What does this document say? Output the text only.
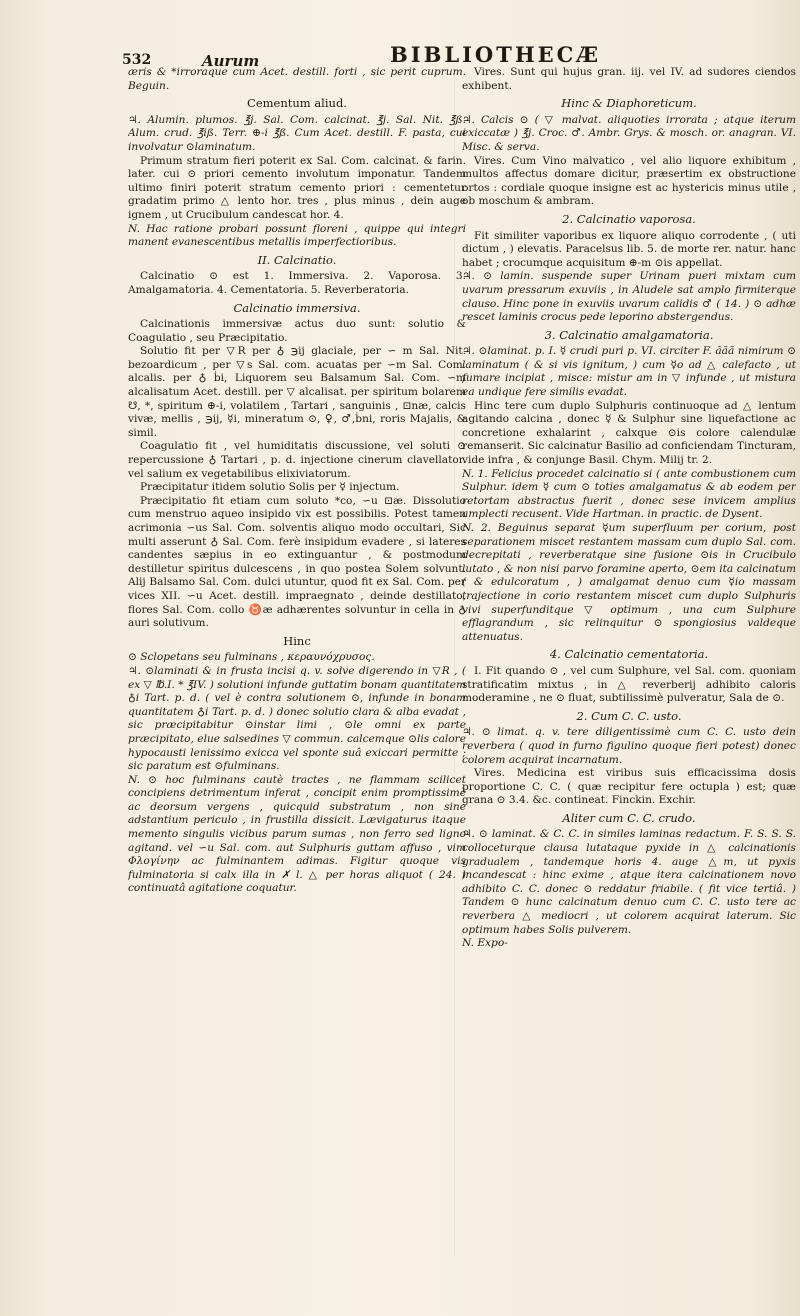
532	Aurum	BIBLIOTHECÆ

æris & *irroraque cum Acet. destill. forti , sic perit cuprum. Beguin.

Cementum aliud.

♃. Alumin. plumos. ℥j. Sal. Com. calcinat. ℥j. Sal. Nit. ℥ß. Alum. crud. ℥iß. Terr. ⊕-i ℥ß. Cum Acet. destill. F. pasta, cui involvatur ⊙laminatum.

Primum stratum fieri poterit ex Sal. Com. calcinat. & farin. later. cui ⊙ priori cemento involutum imponatur. Tandem ultimo finiri poterit stratum cemento priori : cementetur gradatim primo △ lento hor. tres , plus minus , dein auge ignem , ut Crucibulum candescat hor. 4.

N. Hac ratione probari possunt floreni , quippe qui integri manent evanescentibus metallis imperfectioribus.

II. Calcinatio.

Calcinatio ⊙ est 1. Immersiva. 2. Vaporosa. 3. Amalgamatoria. 4. Cementatoria. 5. Reverberatoria.

Calcinatio immersiva.

Calcinationis immersivæ actus duo sunt: solutio & Coagulatio , seu Præcipitatio.

Solutio fit per ▽R per ♁ ℈ij glaciale, per ∽ m Sal. Nit. bezoardicum , per ▽s Sal. com. acuatas per ∽m Sal. Com. alcalis. per ♁ ḃi, Liquorem seu Balsamum Sal. Com. ∽m alcalisatum Acet. destill. per ▽ alcalisat. per spiritum bolarem ☋, *, spiritum ⊕-i, volatilem , Tartari , sanguinis , ⊡næ, calcis vivæ, mellis , ℈ij, ☿i, mineratum ⊙, ♀, ♂,ḃni, roris Majalis, & simil.

Coagulatio fit , vel humiditatis discussione, vel soluti ⊙ repercussione ♁ Tartari , p. d. injectione cinerum clavellator. vel salium ex vegetabilibus elixiviatorum.

Præcipitatur itidem solutio Solis per ☿ injectum.

Præcipitatio fit etiam cum soluto *co, ∽u ⊡æ. Dissolutio cum menstruo aqueo insipido vix est possibilis. Potest tamen acrimonia ∽us Sal. Com. solventis aliquo modo occultari, Sic multi asserunt ♁ Sal. Com. ferè insipidum evadere , si lateres candentes sæpius in eo extinguantur , & postmodum destilletur spiritus dulcescens , in quo postea Solem solvunt. Alij Balsamo Sal. Com. dulci utuntur, quod fit ex Sal. Com. per vices XII. ∽u Acet. destill. impraegnato , deinde destillato, flores Sal. Com. collo ♉æ adhærentes solvuntur in cella in ♁ auri solutivum.

Hinc

⊙ Sclopetans seu fulminans , κεραυνόχρυσος.

♃. ⊙laminati & in frusta incisi q. v. solve digerendo in ▽R , ( ex ▽ ℔.I. * ℥IV. ) solutioni infunde guttatim bonam quantitatem ♁i Tart. p. d. ( vel è contra solutionem ⊙, infunde in bonam quantitatem ♁i Tart. p. d. ) donec solutio clara & alba evadat , sic præcipitabitur ⊙instar limi , ⊙le omni ex parte præcipitato, elue salsedines ▽ commun. calcemque ⊙lis calore hypocausti lenissimo exicca vel sponte suâ exiccari permitte ; sic paratum est ⊙fulminans.

N. ⊙ hoc fulminans cautè tractes , ne flammam scilicet concipiens detrimentum inferat , concipit enim promptissimè ac deorsum vergens , quicquid substratum , non sine adstantium periculo , in frustilla dissicit. Lævigaturus itaque memento singulis vicibus parum sumas , non ferro sed ligno agitand. vel ∽u Sal. com. aut Sulphuris guttam affuso , vim Φλογίνην ac fulminantem adimas. Figitur quoque vis fulminatoria si calx illa in ✗ l. △ per horas aliquot ( 24. ) continuatâ agitatione coquatur.

Vires. Sunt qui hujus gran. iij. vel IV. ad sudores ciendos exhibent.

Hinc & Diaphoreticum.

♃. Calcis ⊙ ( ▽ malvat. aliquoties irrorata ; atque iterum exiccatæ ) ℥j. Croc. ♂. Ambr. Grys. & mosch. or. anagran. VI. Misc. & serva.

Vires. Cum Vino malvatico , vel alio liquore exhibitum , multos affectus domare dicitur, præsertim ex obstructione ortos : cordiale quoque insigne est ac hystericis minus utile , ob moschum & ambram.

2. Calcinatio vaporosa.

Fit similiter vaporibus ex liquore aliquo corrodente , ( uti dictum , ) elevatis. Paracelsus lib. 5. de morte rer. natur. hanc habet ; crocumque acquisitum ⊕-m ⊙is appellat.

♃. ⊙ lamin. suspende super Urinam pueri mixtam cum uvarum pressarum exuviis , in Aludele sat amplo firmiterque clauso. Hinc pone in exuviis uvarum calidis ♂ ( 14. ) ⊙ adhæ rescet laminis crocus pede leporino abstergendus.

3. Calcinatio amalgamatoria.

♃. ⊙laminat. p. I. ☿ crudi puri p. VI. circiter F. ããã nimirum ⊙ laminatum ( & si vis ignitum, ) cum ☿o ad △ calefacto , ut fumare incipiat , misce: mistur am in ▽ infunde , ut mistura ea undique fere similis evadat.

Hinc tere cum duplo Sulphuris continuoque ad △ lentum agitando calcina , donec ☿ & Sulphur sine liquefactione ac concretione exhalarint , calxque ⊙is colore calendulæ remanserit. Sic calcinatur Basilio ad conficiendam Tincturam, vide infra , & conjunge Basil. Chym. Milij tr. 2.

N. 1. Felicius procedet calcinatio si ( ante combustionem cum Sulphur. idem ☿ cum ⊙ toties amalgamatus & ab eodem per retortam abstractus fuerit , donec sese invicem amplius amplecti recusent. Vide Hartman. in practic. de Dysent.

N. 2. Beguinus separat ☿um superfluum per corium, post separationem miscet restantem massam cum duplo Sal. com. decrepitati , reverberatque sine fusione ⊙is in Crucibulo lutato , & non nisi parvo foramine aperto, ⊙em ita calcinatum ( & edulcoratum , ) amalgamat denuo cum ☿io massam trajectione in corio restantem miscet cum duplo Sulphuris vivi superfunditque ▽ optimum , una cum Sulphure efflagrandum , sic relinquitur ⊙ spongiosius valdeque attenuatus.

4. Calcinatio cementatoria.

I. Fit quando ⊙ , vel cum Sulphure, vel Sal. com. quoniam stratificatim mixtus , in △ reverberij adhibito caloris moderamine , ne ⊙ fluat, subtilissimè pulveratur, Sala de ⊙.

2. Cum C. C. usto.

♃. ⊙ limat. q. v. tere diligentissimè cum C. C. usto dein reverbera ( quod in furno figulino quoque fieri potest) donec colorem acquirat incarnatum.

Vires. Medicina est viribus suis efficacissima dosis proportione C. C. ( quæ recipitur fere octupla ) est; quæ grana ⊙ 3.4. &c. contineat. Finckin. Exchir.

Aliter cum C. C. crudo.

♃. ⊙ laminat. & C. C. in similes laminas redactum. F. S. S. S. colloceturque clausa lutataque pyxide in △ calcinationis gradualem , tandemque horis 4. auge △m, ut pyxis incandescat : hinc exime , atque itera calcinationem novo adhibito C. C. donec ⊙ reddatur friabile. ( fit vice tertiâ. ) Tandem ⊙ hunc calcinatum denuo cum C. C. usto tere ac reverbera △ mediocri , ut colorem acquirat laterum. Sic optimum habes Solis pulverem.

N. Expo-
